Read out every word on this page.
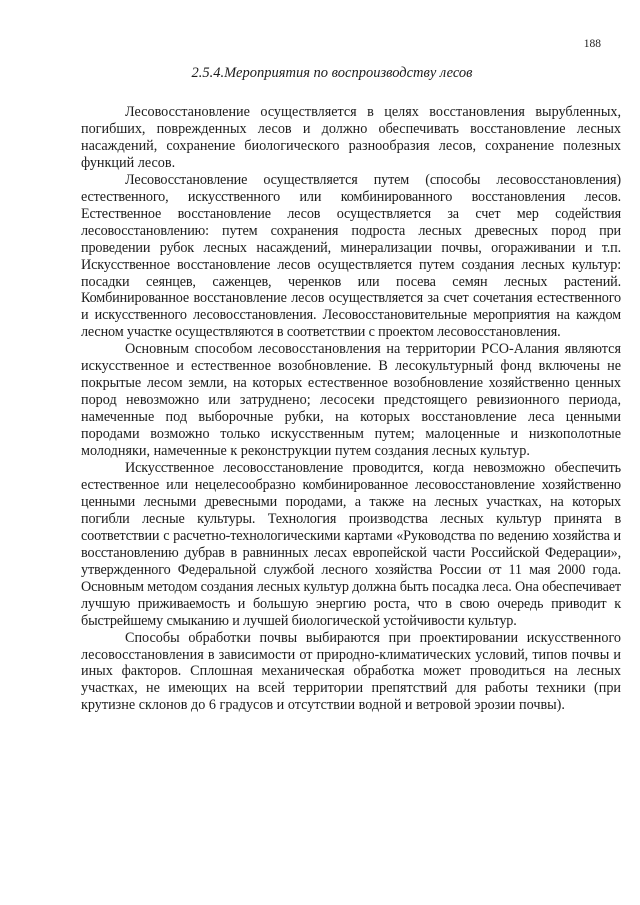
188
2.5.4.Мероприятия по воспроизводству лесов

Лесовосстановление осуществляется в целях восстановления вырубленных, погибших, поврежденных лесов и должно обеспечивать восстановление лесных насаждений, сохранение биологического разнообразия лесов, сохранение полезных функций лесов.

Лесовосстановление осуществляется путем (способы лесовосстановления) естественного, искусственного или комбинированного восстановления лесов. Естественное восстановление лесов осуществляется за счет мер содействия лесовосстановлению: путем сохранения подроста лесных древесных пород при проведении рубок лесных насаждений, минерализации почвы, огораживании и т.п. Искусственное восстановление лесов осуществляется путем создания лесных культур: посадки сеянцев, саженцев, черенков или посева семян лесных растений. Комбинированное восстановление лесов осуществляется за счет сочетания естественного и искусственного лесовосстановления. Лесовосстановительные мероприятия на каждом лесном участке осуществляются в соответствии с проектом лесовосстановления.

Основным способом лесовосстановления на территории РСО-Алания являются искусственное и естественное возобновление. В лесокультурный фонд включены не покрытые лесом земли, на которых естественное возобновление хозяйственно ценных пород невозможно или затруднено; лесосеки предстоящего ревизионного периода, намеченные под выборочные рубки, на которых восстановление леса ценными породами возможно только искусственным путем; малоценные и низкополотные молодняки, намеченные к реконструкции путем создания лесных культур.

Искусственное лесовосстановление проводится, когда невозможно обеспечить естественное или нецелесообразно комбинированное лесовосстановление хозяйственно ценными лесными древесными породами, а также на лесных участках, на которых погибли лесные культуры. Технология производства лесных культур принята в соответствии с расчетно-технологическими картами «Руководства по ведению хозяйства и восстановлению дубрав в равнинных лесах европейской части Российской Федерации», утвержденного Федеральной службой лесного хозяйства России от 11 мая 2000 года. Основным методом создания лесных культур должна быть посадка леса. Она обеспечивает лучшую приживаемость и большую энергию роста, что в свою очередь приводит к быстрейшему смыканию и лучшей биологической устойчивости культур.

Способы обработки почвы выбираются при проектировании искусственного лесовосстановления в зависимости от природно-климатических условий, типов почвы и иных факторов. Сплошная механическая обработка может проводиться на лесных участках, не имеющих на всей территории препятствий для работы техники (при крутизне склонов до 6 градусов и отсутствии водной и ветровой эрозии почвы).
